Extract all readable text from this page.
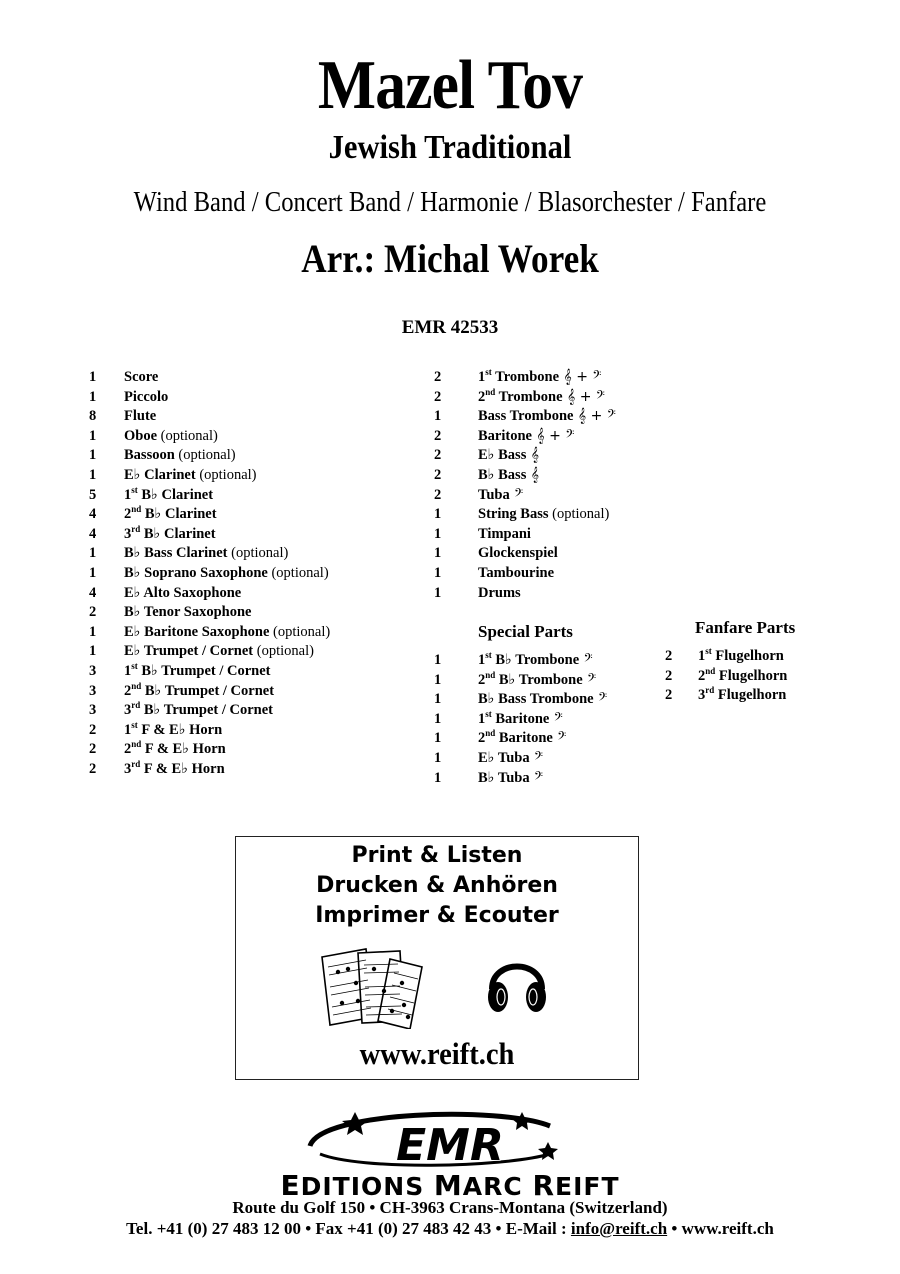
Mazel Tov
Jewish Traditional
Wind Band / Concert Band / Harmonie / Blasorchester / Fanfare
Arr.: Michal Worek
EMR 42533
1 Score
1 Piccolo
8 Flute
1 Oboe (optional)
1 Bassoon (optional)
1 E♭ Clarinet (optional)
5 1st B♭ Clarinet
4 2nd B♭ Clarinet
4 3rd B♭ Clarinet
1 B♭ Bass Clarinet (optional)
1 B♭ Soprano Saxophone (optional)
4 E♭ Alto Saxophone
2 B♭ Tenor Saxophone
1 E♭ Baritone Saxophone (optional)
1 E♭ Trumpet / Cornet (optional)
3 1st B♭ Trumpet / Cornet
3 2nd B♭ Trumpet / Cornet
3 3rd B♭ Trumpet / Cornet
2 1st F & E♭ Horn
2 2nd F & E♭ Horn
2 3rd F & E♭ Horn
2	1st Trombone 𝄞 + 𝄢
2	2nd Trombone 𝄞 + 𝄢
1	Bass Trombone 𝄞 + 𝄢
2	Baritone 𝄞 + 𝄢
2	E♭ Bass 𝄞
2	B♭ Bass 𝄞
2	Tuba 𝄢
1	String Bass (optional)
1	Timpani
1	Glockenspiel
1	Tambourine
1	Drums
Special Parts
1	1st B♭ Trombone 𝄢
1	2nd B♭ Trombone 𝄢
1	B♭ Bass Trombone 𝄢
1	1st Baritone 𝄢
1	2nd Baritone 𝄢
1	E♭ Tuba 𝄢
1	B♭ Tuba 𝄢
Fanfare Parts
2 1st Flugelhorn
2 2nd Flugelhorn
2 3rd Flugelhorn
Print & Listen
Drucken & Anhören
Imprimer & Ecouter
www.reift.ch
EMR
EDITIONS MARC REIFT
Route du Golf 150 • CH-3963 Crans-Montana (Switzerland)
Tel. +41 (0) 27 483 12 00 • Fax +41 (0) 27 483 42 43 • E-Mail : info@reift.ch • www.reift.ch
